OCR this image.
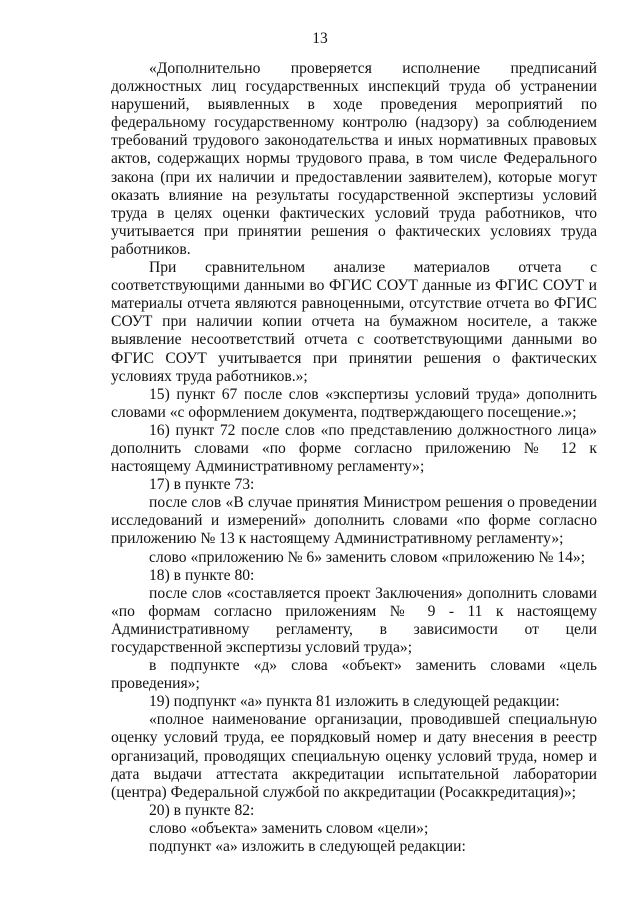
13

«Дополнительно проверяется исполнение предписаний должностных лиц государственных инспекций труда об устранении нарушений, выявленных в ходе проведения мероприятий по федеральному государственному контролю (надзору) за соблюдением требований трудового законодательства и иных нормативных правовых актов, содержащих нормы трудового права, в том числе Федерального закона (при их наличии и предоставлении заявителем), которые могут оказать влияние на результаты государственной экспертизы условий труда в целях оценки фактических условий труда работников, что учитывается при принятии решения о фактических условиях труда работников.

При сравнительном анализе материалов отчета с соответствующими данными во ФГИС СОУТ данные из ФГИС СОУТ и материалы отчета являются равноценными, отсутствие отчета во ФГИС СОУТ при наличии копии отчета на бумажном носителе, а также выявление несоответствий отчета с соответствующими данными во ФГИС СОУТ учитывается при принятии решения о фактических условиях труда работников.»;

15) пункт 67 после слов «экспертизы условий труда» дополнить словами «с оформлением документа, подтверждающего посещение.»;

16) пункт 72 после слов «по представлению должностного лица» дополнить словами «по форме согласно приложению № 12 к настоящему Административному регламенту»;

17) в пункте 73:

после слов «В случае принятия Министром решения о проведении исследований и измерений» дополнить словами «по форме согласно приложению № 13 к настоящему Административному регламенту»;

слово «приложению № 6» заменить словом «приложению № 14»;

18) в пункте 80:

после слов «составляется проект Заключения» дополнить словами «по формам согласно приложениям № 9 - 11 к настоящему Административному регламенту, в зависимости от цели государственной экспертизы условий труда»;

в подпункте «д» слова «объект» заменить словами «цель проведения»;

19) подпункт «а» пункта 81 изложить в следующей редакции:

«полное наименование организации, проводившей специальную оценку условий труда, ее порядковый номер и дату внесения в реестр организаций, проводящих специальную оценку условий труда, номер и дата выдачи аттестата аккредитации испытательной лаборатории (центра) Федеральной службой по аккредитации (Росаккредитация)»;

20) в пункте 82:

слово «объекта» заменить словом «цели»;

подпункт «а» изложить в следующей редакции:
